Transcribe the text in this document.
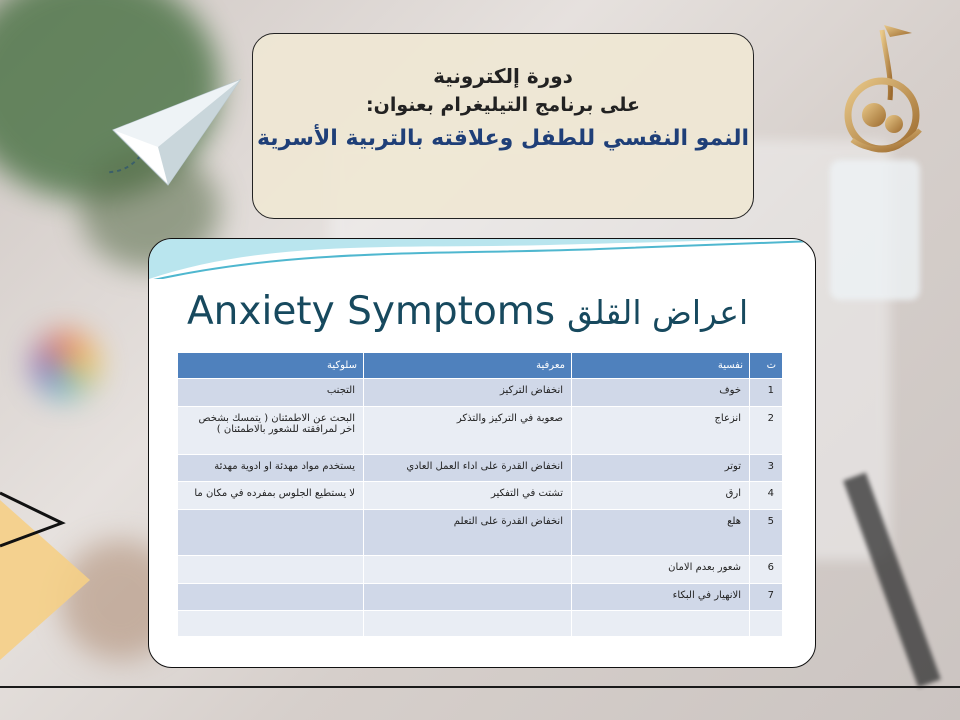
دورة إلكترونية
على برنامج التيليغرام بعنوان:
النمو النفسي للطفل وعلاقته بالتربية الأسرية
Anxiety Symptoms اعراض القلق
ت	نفسية	معرفية	سلوكية
1	خوف	انخفاض التركيز	التجنب
2	انزعاج	صعوبة في التركيز والتذكر	البحث عن الاطمئنان ( يتمسك بشخص اخر لمرافقته للشعور بالاطمئنان )
3	توتر	انخفاض القدرة على اداء العمل العادي	يستخدم مواد مهدئة او ادوية مهدئة
4	ارق	تشتت في التفكير	لا يستطيع الجلوس بمفرده في مكان ما
5	هلع	انخفاض القدرة على التعلم	
6	شعور بعدم الامان		
7	الانهيار في البكاء		
